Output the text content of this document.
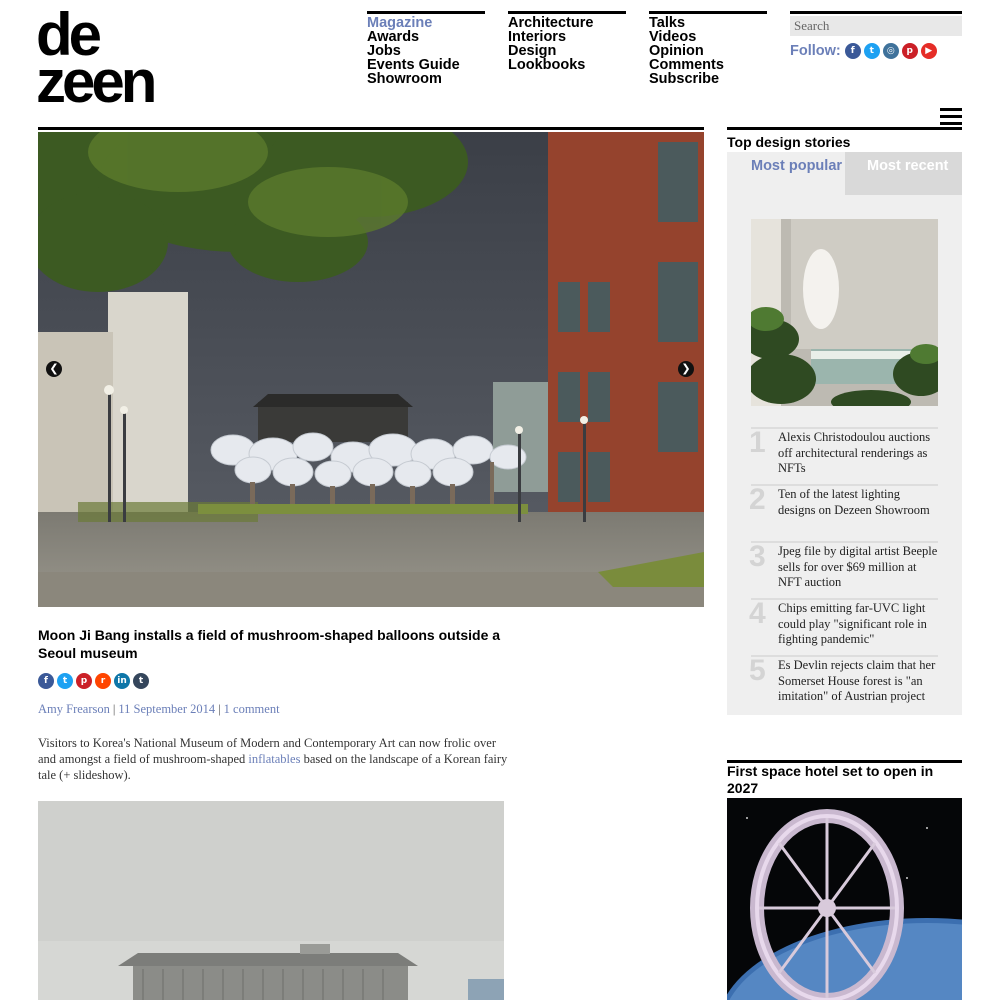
de
zeen
Magazine
Awards
Jobs
Events Guide
Showroom
Architecture
Interiors
Design
Lookbooks
Talks
Videos
Opinion
Comments
Subscribe
Search
Follow:	f	t	◎	p	▶
❮	❯
Moon Ji Bang installs a field of mushroom-shaped balloons outside a Seoul museum
f	t	p	r	in	t
Amy Frearson | 11 September 2014 | 1 comment

Visitors to Korea's National Museum of Modern and Contemporary Art can now frolic over and amongst a field of mushroom-shaped inflatables based on the landscape of a Korean fairy tale (+ slideshow).

Top design stories
Most popular	Most recent
1 Alexis Christodoulou auctions off architectural renderings as NFTs
2 Ten of the latest lighting designs on Dezeen Showroom
3 Jpeg file by digital artist Beeple sells for over $69 million at NFT auction
4 Chips emitting far-UVC light could play "significant role in fighting pandemic"
5 Es Devlin rejects claim that her Somerset House forest is "an imitation" of Austrian project
First space hotel set to open in 2027
